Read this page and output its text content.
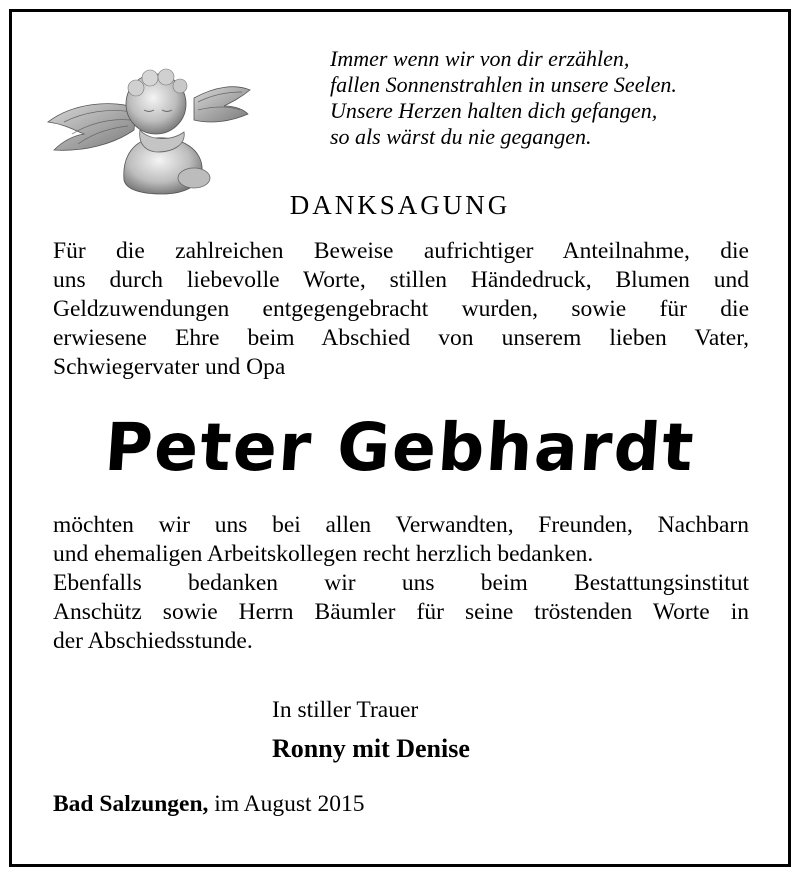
Immer wenn wir von dir erzählen,
fallen Sonnenstrahlen in unsere Seelen.
Unsere Herzen halten dich gefangen,
so als wärst du nie gegangen.
DANKSAGUNG
Für die zahlreichen Beweise aufrichtiger Anteilnahme, die
uns durch liebevolle Worte, stillen Händedruck, Blumen und
Geldzuwendungen entgegengebracht wurden, sowie für die
erwiesene Ehre beim Abschied von unserem lieben Vater,
Schwiegervater und Opa
Peter Gebhardt
möchten wir uns bei allen Verwandten, Freunden, Nachbarn
und ehemaligen Arbeitskollegen recht herzlich bedanken.
Ebenfalls bedanken wir uns beim Bestattungsinstitut
Anschütz sowie Herrn Bäumler für seine tröstenden Worte in
der Abschiedsstunde.
In stiller Trauer
Ronny mit Denise
Bad Salzungen, im August 2015
